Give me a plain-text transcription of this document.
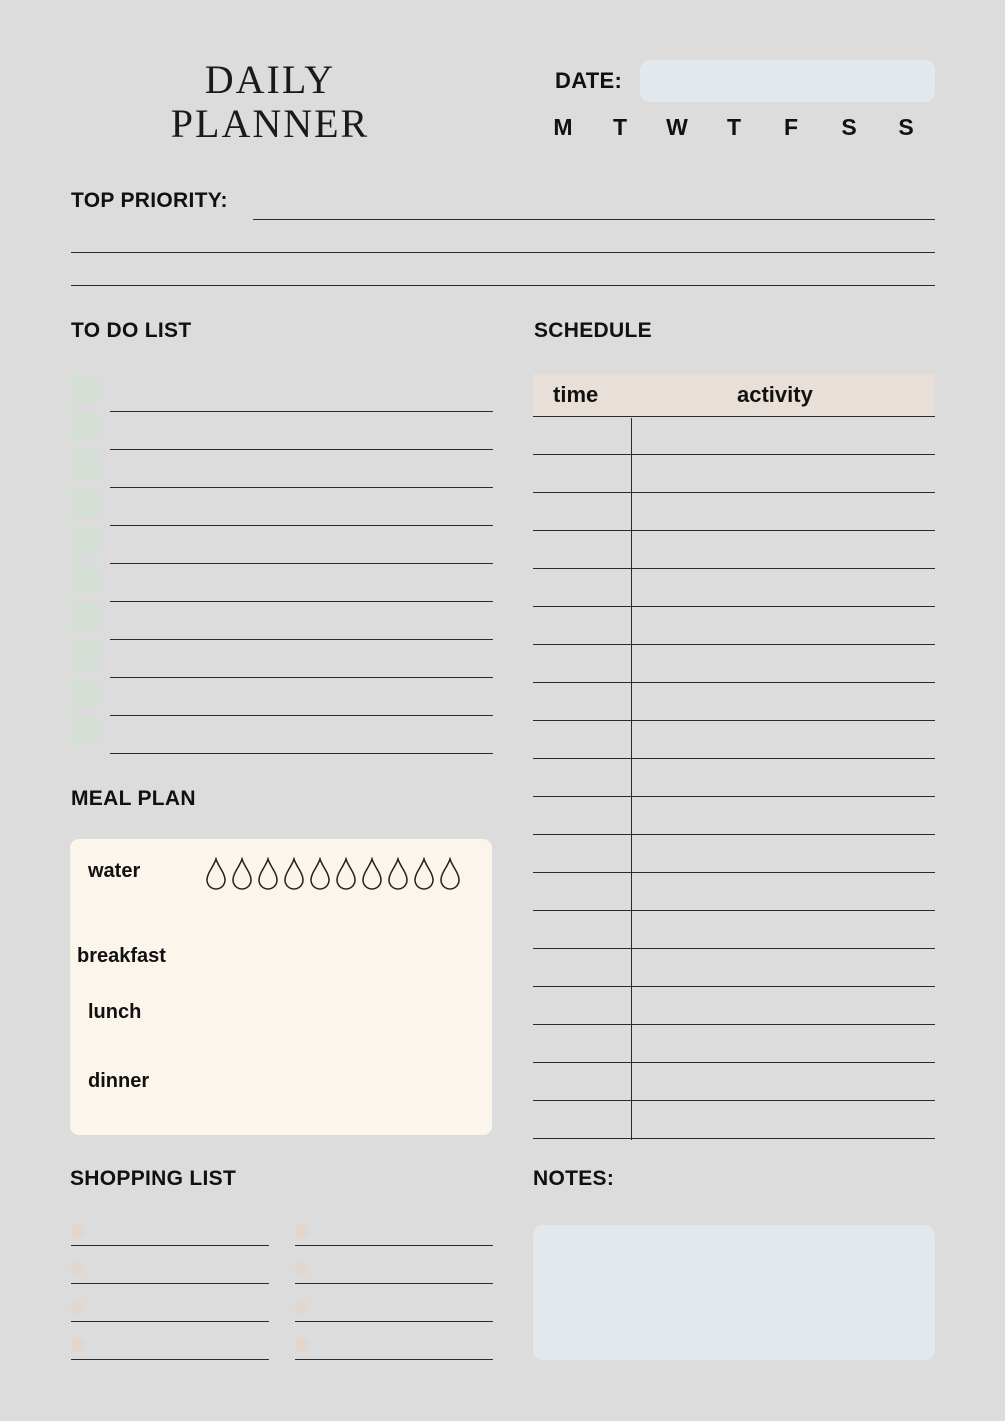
DAILY
PLANNER
DATE:
M	T	W	T	F	S	S
TOP PRIORITY:
TO DO LIST	SCHEDULE
time	activity
MEAL PLAN
water
breakfast
lunch
dinner
SHOPPING LIST	NOTES:
